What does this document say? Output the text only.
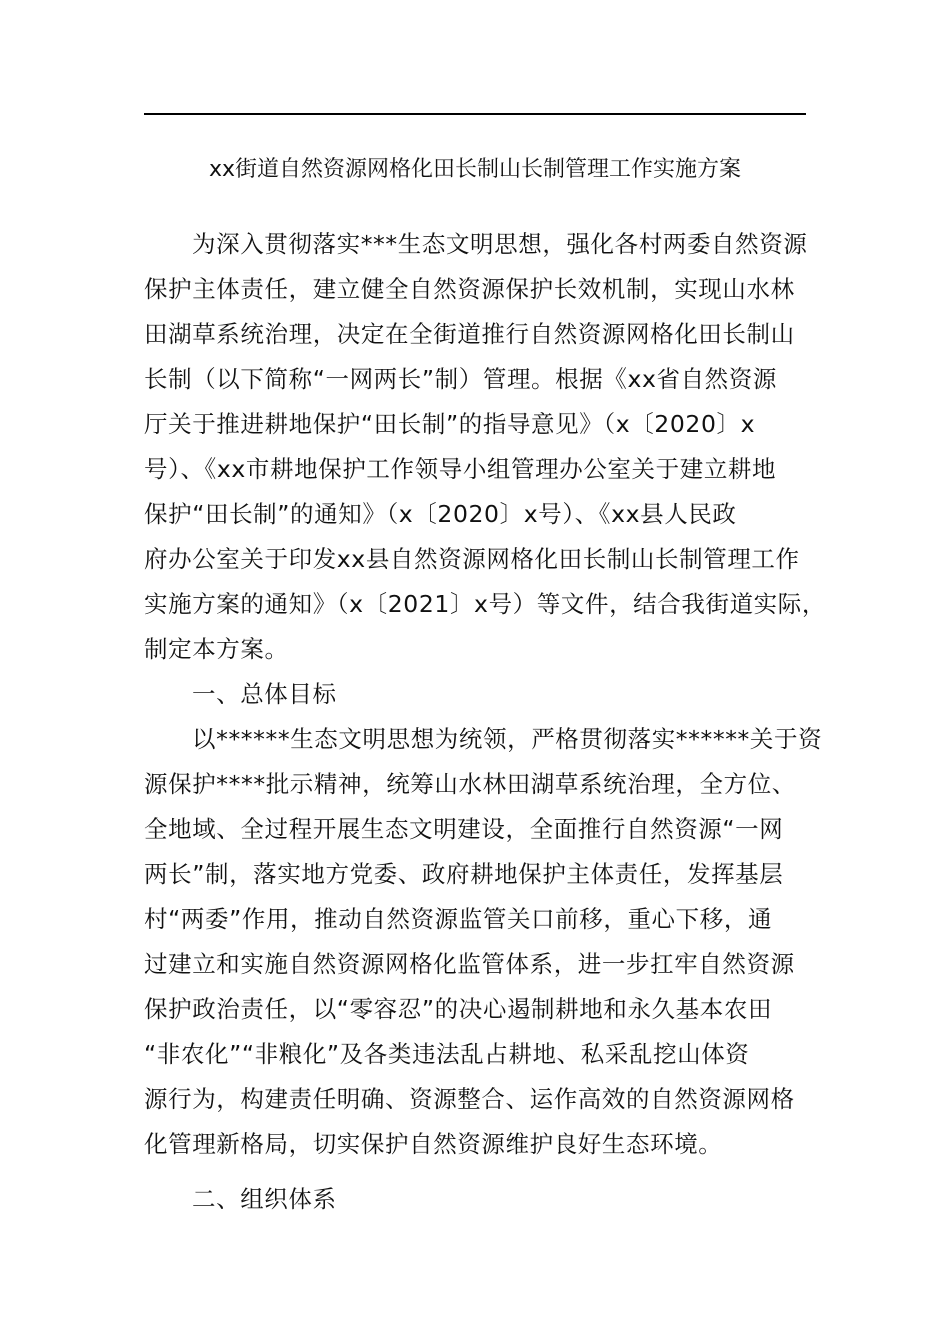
xx街道自然资源网格化田长制山长制管理工作实施方案
为深入贯彻落实***生态文明思想，强化各村两委自然资源
保护主体责任，建立健全自然资源保护长效机制，实现山水林
田湖草系统治理，决定在全街道推行自然资源网格化田长制山
长制（以下简称“一网两长”制）管理。根据《xx省自然资源
厅关于推进耕地保护“田长制”的指导意见》（x〔2020〕x
号）、《xx市耕地保护工作领导小组管理办公室关于建立耕地
保护“田长制”的通知》（x〔2020〕x号）、《xx县人民政
府办公室关于印发xx县自然资源网格化田长制山长制管理工作
实施方案的通知》（x〔2021〕x号）等文件，结合我街道实际，
制定本方案。
一、总体目标
以******生态文明思想为统领，严格贯彻落实******关于资
源保护****批示精神，统筹山水林田湖草系统治理，全方位、
全地域、全过程开展生态文明建设，全面推行自然资源“一网
两长”制，落实地方党委、政府耕地保护主体责任，发挥基层
村“两委”作用，推动自然资源监管关口前移，重心下移，通
过建立和实施自然资源网格化监管体系，进一步扛牢自然资源
保护政治责任，以“零容忍”的决心遏制耕地和永久基本农田
“非农化”“非粮化”及各类违法乱占耕地、私采乱挖山体资
源行为，构建责任明确、资源整合、运作高效的自然资源网格
化管理新格局，切实保护自然资源维护良好生态环境。
二、组织体系
